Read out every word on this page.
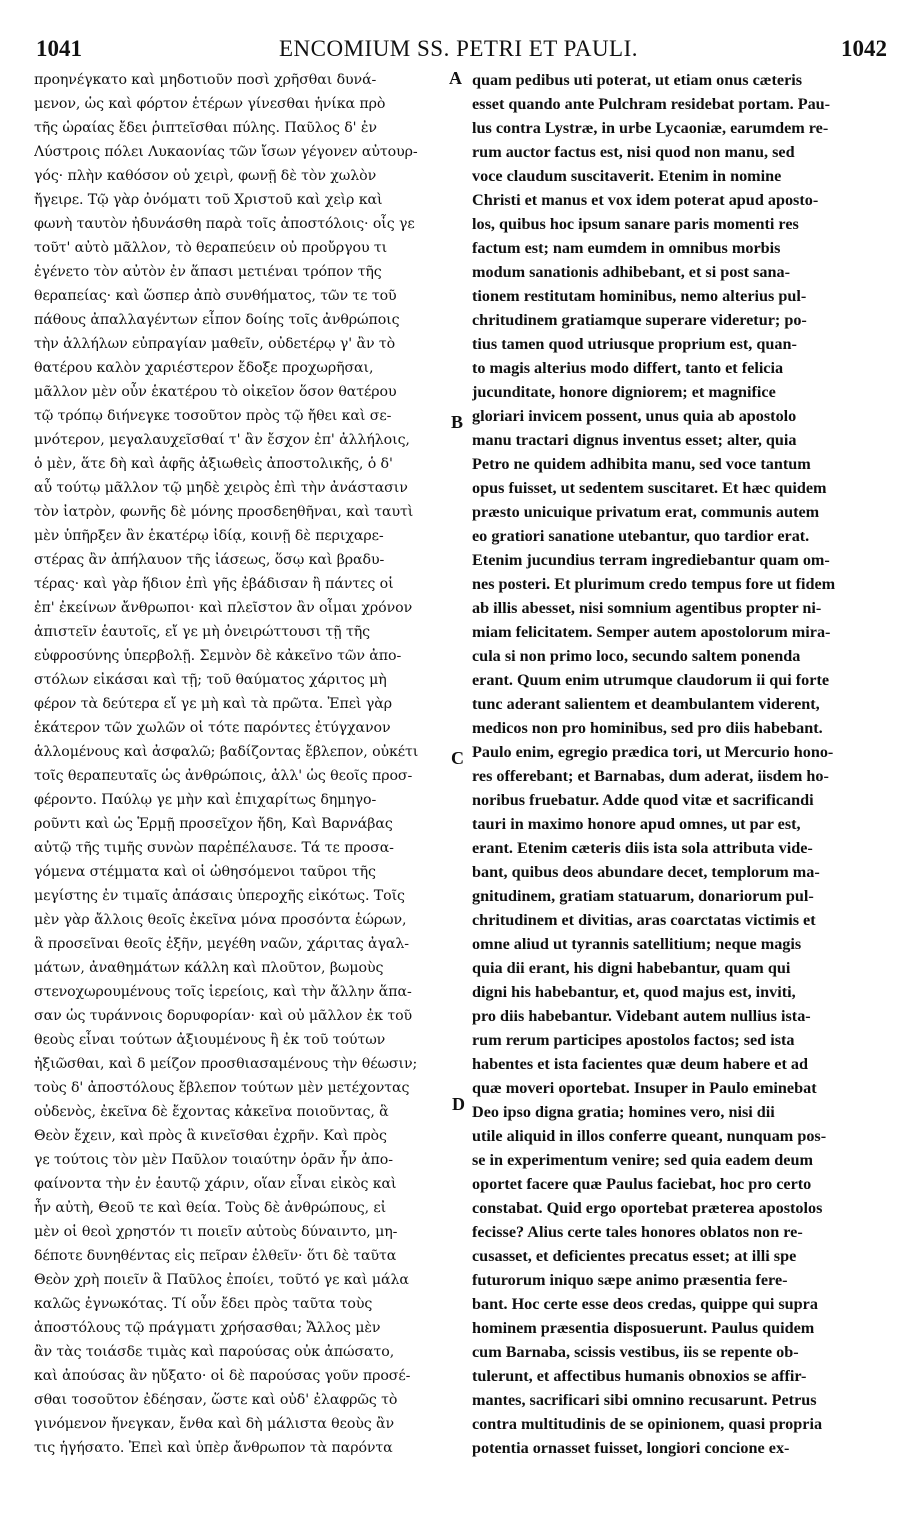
1041	ENCOMIUM SS. PETRI ET PAULI.	1042
προηνέγκατο καὶ μηδοτιοῦν ποσὶ χρῆσθαι δυνά-
μενον, ὡς καὶ φόρτον ἑτέρων γίνεσθαι ἡνίκα πρὸ
τῆς ὡραίας ἔδει ῥιπτεῖσθαι πύλης. Παῦλος δ' ἐν
Λύστροις πόλει Λυκαονίας τῶν ἴσων γέγονεν αὐτουρ-
γός· πλὴν καθόσον οὐ χειρὶ, φωνῇ δὲ τὸν χωλὸν
ἤγειρε. Τῷ γὰρ ὀνόματι τοῦ Χριστοῦ καὶ χεὶρ καὶ
φωνὴ ταυτὸν ἠδυνάσθη παρὰ τοῖς ἀποστόλοις· οἷς γε
τοῦτ' αὐτὸ μᾶλλον, τὸ θεραπεύειν οὐ προὔργου τι
ἐγένετο τὸν αὐτὸν ἐν ἅπασι μετιέναι τρόπον τῆς
θεραπείας· καὶ ὥσπερ ἀπὸ συνθήματος, τῶν τε τοῦ
πάθους ἀπαλλαγέντων εἶπον δοίης τοῖς ἀνθρώποις
τὴν ἀλλήλων εὐπραγίαν μαθεῖν, οὐδετέρῳ γ' ἂν τὸ
θατέρου καλὸν χαριέστερον ἔδοξε προχωρῆσαι,
μᾶλλον μὲν οὖν ἑκατέρου τὸ οἰκεῖον ὅσον θατέρου
τῷ τρόπῳ διήνεγκε τοσοῦτον πρὸς τῷ ἤθει καὶ σε-
μνότερον, μεγαλαυχεῖσθαί τ' ἂν ἔσχον ἐπ' ἀλλήλοις,
ὁ μὲν, ἅτε δὴ καὶ ἀφῆς ἀξιωθεὶς ἀποστολικῆς, ὁ δ'
αὖ τούτῳ μᾶλλον τῷ μηδὲ χειρὸς ἐπὶ τὴν ἀνάστασιν
τὸν ἰατρὸν, φωνῆς δὲ μόνης προσδεηθῆναι, καὶ ταυτὶ
μὲν ὑπῆρξεν ἂν ἑκατέρῳ ἰδίᾳ, κοινῇ δὲ περιχαρε-
στέρας ἂν ἀπήλαυον τῆς ἰάσεως, ὅσῳ καὶ βραδυ-
τέρας· καὶ γὰρ ἥδιον ἐπὶ γῆς ἐβάδισαν ἢ πάντες οἱ
ἐπ' ἐκείνων ἄνθρωποι· καὶ πλεῖστον ἂν οἶμαι χρόνον
ἀπιστεῖν ἑαυτοῖς, εἴ γε μὴ ὀνειρώττουσι τῇ τῆς
εὐφροσύνης ὑπερβολῇ. Σεμνὸν δὲ κἀκεῖνο τῶν ἀπο-
στόλων εἰκάσαι καὶ τῇ; τοῦ θαύματος χάριτος μὴ
φέρον τὰ δεύτερα εἴ γε μὴ καὶ τὰ πρῶτα. Ἐπεὶ γὰρ
ἑκάτερον τῶν χωλῶν οἱ τότε παρόντες ἐτύγχανον
ἁλλομένους καὶ ἀσφαλῶ; βαδίζοντας ἔβλεπον, οὐκέτι
τοῖς θεραπευταῖς ὡς ἀνθρώποις, ἀλλ' ὡς θεοῖς προσ-
φέροντο. Παύλῳ γε μὴν καὶ ἐπιχαρίτως δημηγο-
ροῦντι καὶ ὡς Ἑρμῇ προσεῖχον ἤδη, Καὶ Βαρνάβας
αὐτῷ τῆς τιμῆς συνὼν παρἑπέλαυσε. Τά τε προσα-
γόμενα στέμματα καὶ οἱ ὠθησόμενοι ταῦροι τῆς
μεγίστης ἐν τιμαῖς ἀπάσαις ὑπεροχῆς εἰκότως. Τοῖς
μὲν γὰρ ἄλλοις θεοῖς ἐκεῖνα μόνα προσόντα ἑώρων,
ἃ προσεῖναι θεοῖς ἐξῆν, μεγέθη ναῶν, χάριτας ἀγαλ-
μάτων, ἀναθημάτων κάλλη καὶ πλοῦτον, βωμοὺς
στενοχωρουμένους τοῖς ἱερείοις, καὶ τὴν ἄλλην ἅπα-
σαν ὡς τυράννοις δορυφορίαν· καὶ οὐ μᾶλλον ἐκ τοῦ
θεοὺς εἶναι τούτων ἀξιουμένους ἢ ἐκ τοῦ τούτων
ἠξιῶσθαι, καὶ δ μείζον προσθιασαμένους τὴν θέωσιν;
τοὺς δ' ἀποστόλους ἔβλεπον τούτων μὲν μετέχοντας
οὐδενὸς, ἐκεῖνα δὲ ἔχοντας κἀκεῖνα ποιοῦντας, ἃ
Θεὸν ἔχειν, καὶ πρὸς ἃ κινεῖσθαι ἐχρῆν. Καὶ πρὸς
γε τούτοις τὸν μὲν Παῦλον τοιαύτην ὁρᾶν ἦν ἀπο-
φαίνοντα τὴν ἐν ἑαυτῷ χάριν, οἵαν εἶναι εἰκὸς καὶ
ἦν αὐτὴ, Θεοῦ τε καὶ θεία. Τοὺς δὲ ἀνθρώπους, εἰ
μὲν οἱ θεοὶ χρηστόν τι ποιεῖν αὐτοὺς δύναιντο, μη-
δέποτε δυνηθέντας εἰς πεῖραν ἐλθεῖν· ὅτι δὲ ταῦτα
Θεὸν χρὴ ποιεῖν ἃ Παῦλος ἐποίει, τοῦτό γε καὶ μάλα
καλῶς ἐγνωκότας. Τί οὖν ἔδει πρὸς ταῦτα τοὺς
ἀποστόλους τῷ πράγματι χρήσασθαι; Ἄλλος μὲν
ἂν τὰς τοιάσδε τιμὰς καὶ παρούσας οὐκ ἀπώσατο,
καὶ ἀπούσας ἂν ηὔξατο· οἱ δὲ παρούσας γοῦν προσέ-
σθαι τοσοῦτον ἐδέησαν, ὥστε καὶ οὐδ' ἐλαφρῶς τὸ
γινόμενον ἤνεγκαν, ἔνθα καὶ δὴ μάλιστα θεοὺς ἂν
τις ἡγήσατο. Ἐπεὶ καὶ ὑπὲρ ἄνθρωπον τὰ παρόντα
quam pedibus uti poterat, ut etiam onus cæteris
esset quando ante Pulchram residebat portam. Pau-
lus contra Lystræ, in urbe Lycaoniæ, earumdem re-
rum auctor factus est, nisi quod non manu, sed
voce claudum suscitaverit. Etenim in nomine
Christi et manus et vox idem poterat apud aposto-
los, quibus hoc ipsum sanare paris momenti res
factum est; nam eumdem in omnibus morbis
modum sanationis adhibebant, et si post sana-
tionem restitutam hominibus, nemo alterius pul-
chritudinem gratiamque superare videretur; po-
tius tamen quod utriusque proprium est, quan-
to magis alterius modo differt, tanto et felicia
jucunditate, honore digniorem; et magnifice
gloriari invicem possent, unus quia ab apostolo
manu tractari dignus inventus esset; alter, quia
Petro ne quidem adhibita manu, sed voce tantum
opus fuisset, ut sedentem suscitaret. Et hæc quidem
præsto unicuique privatum erat, communis autem
eo gratiori sanatione utebantur, quo tardior erat.
Etenim jucundius terram ingrediebantur quam om-
nes posteri. Et plurimum credo tempus fore ut fidem
ab illis abesset, nisi somnium agentibus propter ni-
miam felicitatem. Semper autem apostolorum mira-
cula si non primo loco, secundo saltem ponenda
erant. Quum enim utrumque claudorum ii qui forte
tunc aderant salientem et deambulantem viderent,
medicos non pro hominibus, sed pro diis habebant.
Paulo enim, egregio prædica tori, ut Mercurio hono-
res offerebant; et Barnabas, dum aderat, iisdem ho-
noribus fruebatur. Adde quod vitæ et sacrificandi
tauri in maximo honore apud omnes, ut par est,
erant. Etenim cæteris diis ista sola attributa vide-
bant, quibus deos abundare decet, templorum ma-
gnitudinem, gratiam statuarum, donariorum pul-
chritudinem et divitias, aras coarctatas victimis et
omne aliud ut tyrannis satellitium; neque magis
quia dii erant, his digni habebantur, quam qui
digni his habebantur, et, quod majus est, inviti,
pro diis habebantur. Videbant autem nullius ista-
rum rerum participes apostolos factos; sed ista
habentes et ista facientes quæ deum habere et ad
quæ moveri oportebat. Insuper in Paulo eminebat
Deo ipso digna gratia; homines vero, nisi dii
utile aliquid in illos conferre queant, nunquam pos-
se in experimentum venire; sed quia eadem deum
oportet facere quæ Paulus faciebat, hoc pro certo
constabat. Quid ergo oportebat præterea apostolos
fecisse? Alius certe tales honores oblatos non re-
cusasset, et deficientes precatus esset; at illi spe
futurorum iniquo sæpe animo præsentia fere-
bant. Hoc certe esse deos credas, quippe qui supra
hominem præsentia disposuerunt. Paulus quidem
cum Barnaba, scissis vestibus, iis se repente ob-
tulerunt, et affectibus humanis obnoxios se affir-
mantes, sacrificari sibi omnino recusarunt. Petrus
contra multitudinis de se opinionem, quasi propria
potentia ornasset fuisset, longiori concione ex-
A
B
C
D
